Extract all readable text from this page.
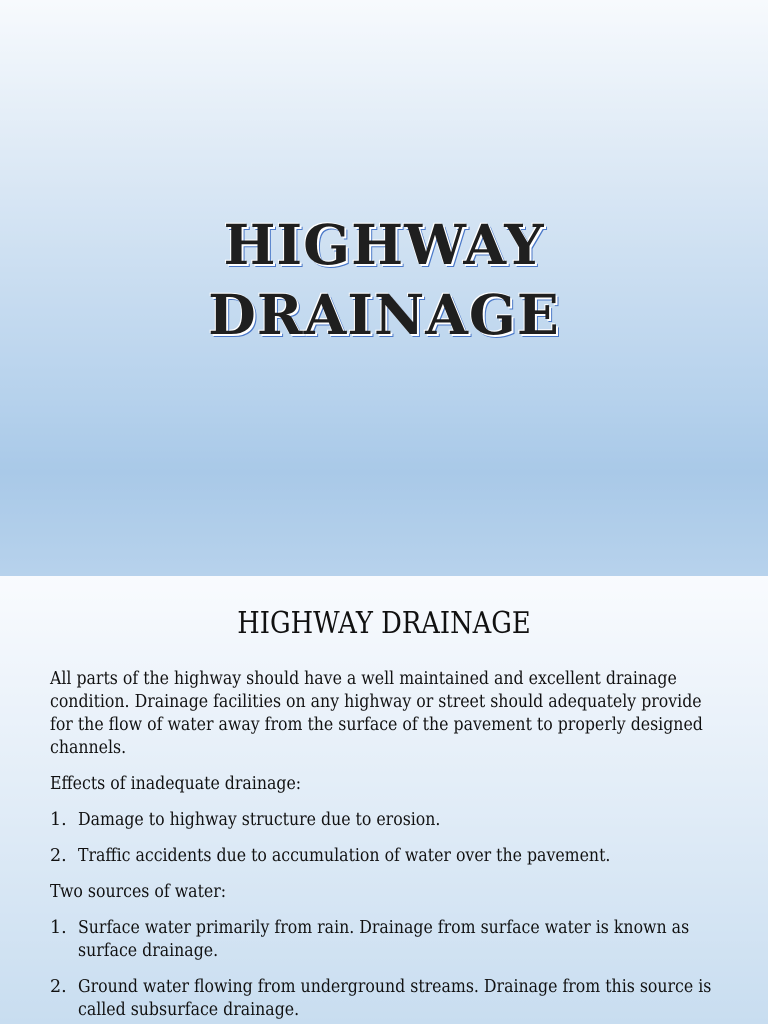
HIGHWAY
DRAINAGE
HIGHWAY DRAINAGE
All parts of the highway should have a well maintained and excellent drainage condition. Drainage facilities on any highway or street should adequately provide for the flow of water away from the surface of the pavement to properly designed channels.
Effects of inadequate drainage:
1. Damage to highway structure due to erosion.
2. Traffic accidents due to accumulation of water over the pavement.
Two sources of water:
1. Surface water primarily from rain. Drainage from surface water is known as surface drainage.
2. Ground water flowing from underground streams. Drainage from this source is called subsurface drainage.
